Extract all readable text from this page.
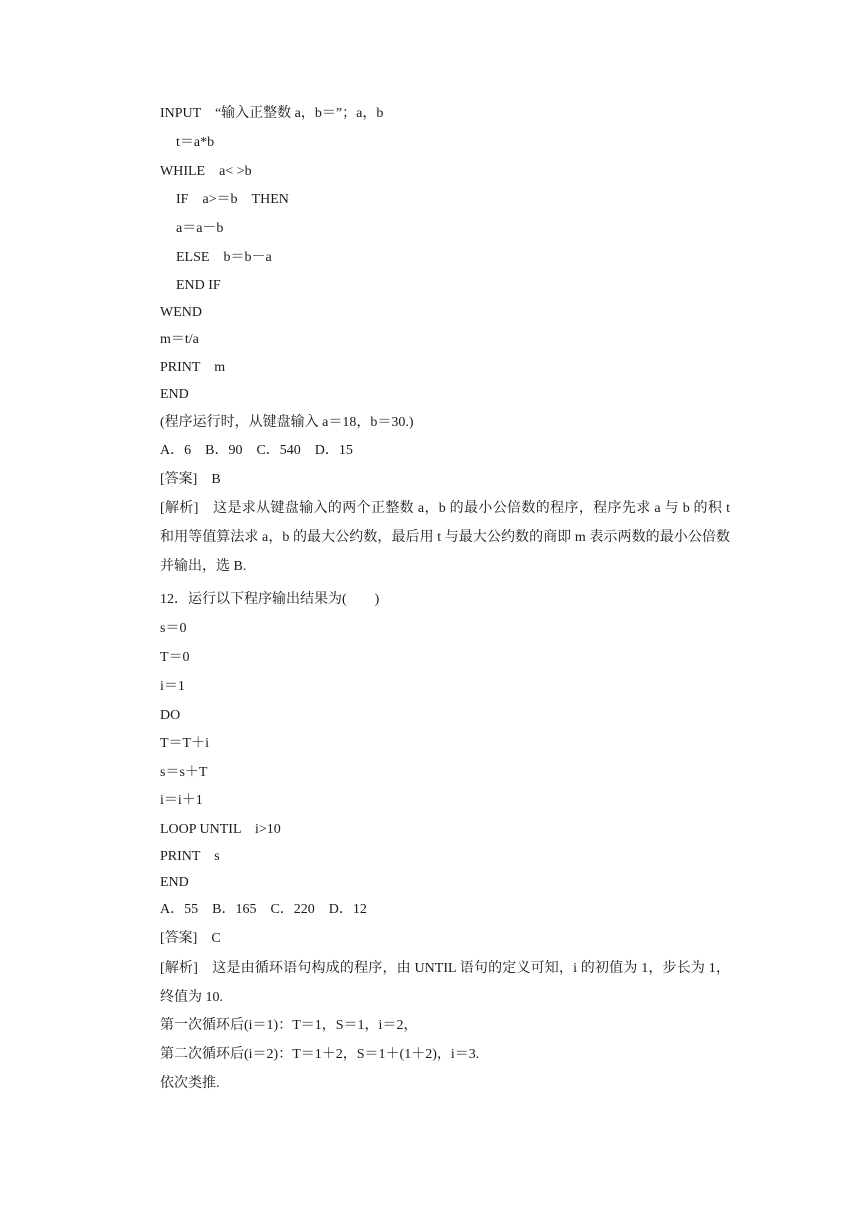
INPUT　“输入正整数 a，b＝”；a，b
t＝a*b
WHILE　a< >b
IF　a>＝b　THEN
a＝a－b
ELSE　b＝b－a
END IF
WEND
m＝t/a
PRINT　m
END
(程序运行时，从键盘输入 a＝18，b＝30.)
A．6　B．90　C．540　D．15
[答案]　B
[解析]　这是求从键盘输入的两个正整数 a，b 的最小公倍数的程序，程序先求 a 与 b 的积 t 和用等值算法求 a，b 的最大公约数，最后用 t 与最大公约数的商即 m 表示两数的最小公倍数并输出，选 B.
12．运行以下程序输出结果为(　　)
s＝0
T＝0
i＝1
DO
T＝T＋i
s＝s＋T
i＝i＋1
LOOP UNTIL　i>10
PRINT　s
END
A．55　B．165　C．220　D．12
[答案]　C
[解析]　这是由循环语句构成的程序，由 UNTIL 语句的定义可知，i 的初值为 1，步长为 1，终值为 10.
第一次循环后(i＝1)：T＝1，S＝1，i＝2，
第二次循环后(i＝2)：T＝1＋2，S＝1＋(1＋2)，i＝3.
依次类推.
